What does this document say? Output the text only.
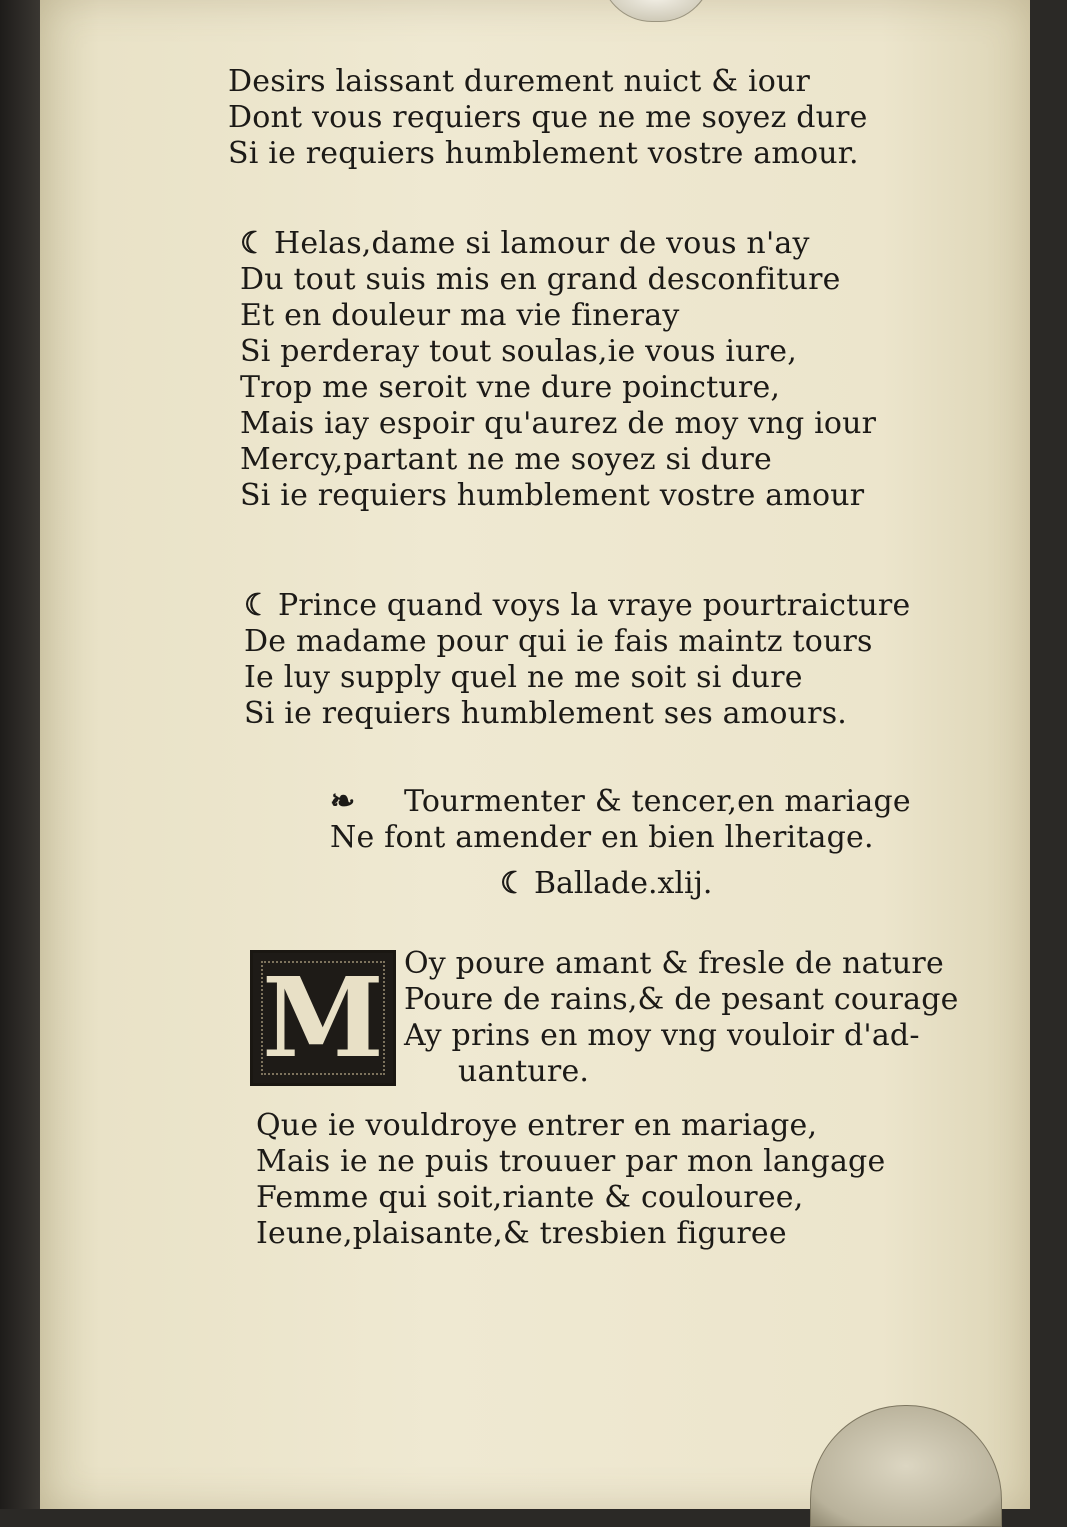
Desirs laissant durement nuict & iour
Dont vous requiers que ne me soyez dure
Si ie requiers humblement vostre amour.
☾ Helas,dame si lamour de vous n'ay
Du tout suis mis en grand desconfiture
Et en douleur ma vie fineray
Si perderay tout soulas,ie vous iure,
Trop me seroit vne dure poincture,
Mais iay espoir qu'aurez de moy vng iour
Mercy,partant ne me soyez si dure
Si ie requiers humblement vostre amour
☾ Prince quand voys la vraye pourtraicture
De madame pour qui ie fais maintz tours
Ie luy supply quel ne me soit si dure
Si ie requiers humblement ses amours.
❧ Tourmenter & tencer,en mariage
Ne font amender en bien lheritage.
☾ Ballade.xlij.
M Oy poure amant & fresle de nature
Poure de rains,& de pesant courage
Ay prins en moy vng vouloir d'ad-
uanture.
Que ie vouldroye entrer en mariage,
Mais ie ne puis trouuer par mon langage
Femme qui soit,riante & coulouree,
Ieune,plaisante,& tresbien figuree
